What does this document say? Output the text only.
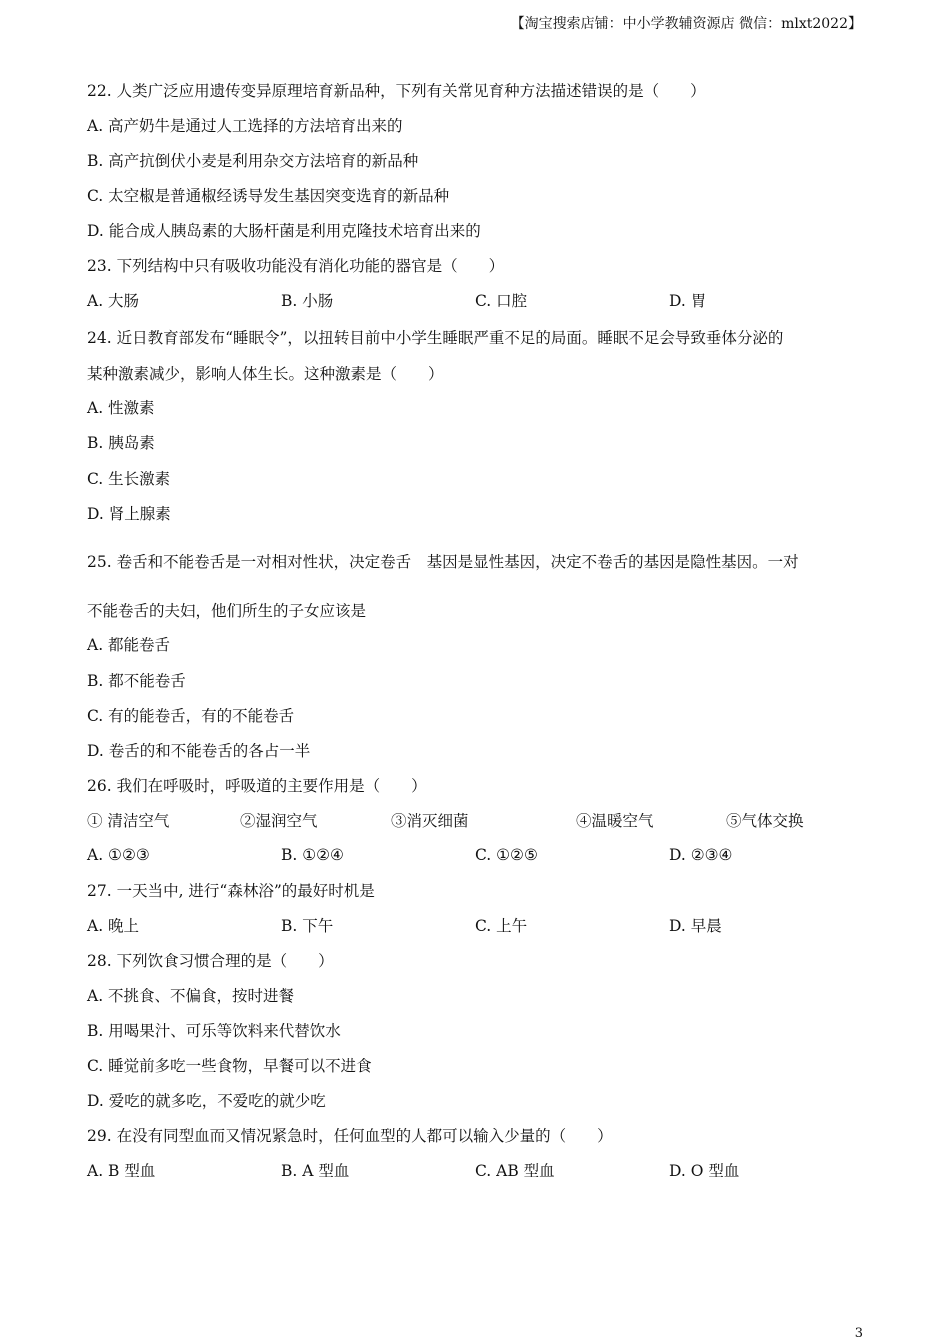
【淘宝搜索店铺：中小学教辅资源店 微信：mlxt2022】
22. 人类广泛应用遗传变异原理培育新品种，下列有关常见育种方法描述错误的是（　　）
A. 高产奶牛是通过人工选择的方法培育出来的
B. 高产抗倒伏小麦是利用杂交方法培育的新品种
C. 太空椒是普通椒经诱导发生基因突变选育的新品种
D. 能合成人胰岛素的大肠杆菌是利用克隆技术培育出来的
23. 下列结构中只有吸收功能没有消化功能的器官是（　　）
A. 大肠	B. 小肠	C. 口腔	D. 胃
24. 近日教育部发布“睡眠令”，以扭转目前中小学生睡眠严重不足的局面。睡眠不足会导致垂体分泌的
某种激素减少，影响人体生长。这种激素是（　　）
A. 性激素
B. 胰岛素
C. 生长激素
D. 肾上腺素
25. 卷舌和不能卷舌是一对相对性状，决定卷舌　基因是显性基因，决定不卷舌的基因是隐性基因。一对
不能卷舌的夫妇，他们所生的子女应该是
A. 都能卷舌
B. 都不能卷舌
C. 有的能卷舌，有的不能卷舌
D. 卷舌的和不能卷舌的各占一半
26. 我们在呼吸时，呼吸道的主要作用是（　　）
① 清洁空气	②湿润空气	③消灭细菌	④温暖空气	⑤气体交换
A. ①②③	B. ①②④	C. ①②⑤	D. ②③④
27. 一天当中, 进行“森林浴”的最好时机是
A. 晚上	B. 下午	C. 上午	D. 早晨
28. 下列饮食习惯合理的是（　　）
A. 不挑食、不偏食，按时进餐
B. 用喝果汁、可乐等饮料来代替饮水
C. 睡觉前多吃一些食物，早餐可以不进食
D. 爱吃的就多吃，不爱吃的就少吃
29. 在没有同型血而又情况紧急时，任何血型的人都可以输入少量的（　　）
A. B 型血	B. A 型血	C. AB 型血	D. O 型血
3
